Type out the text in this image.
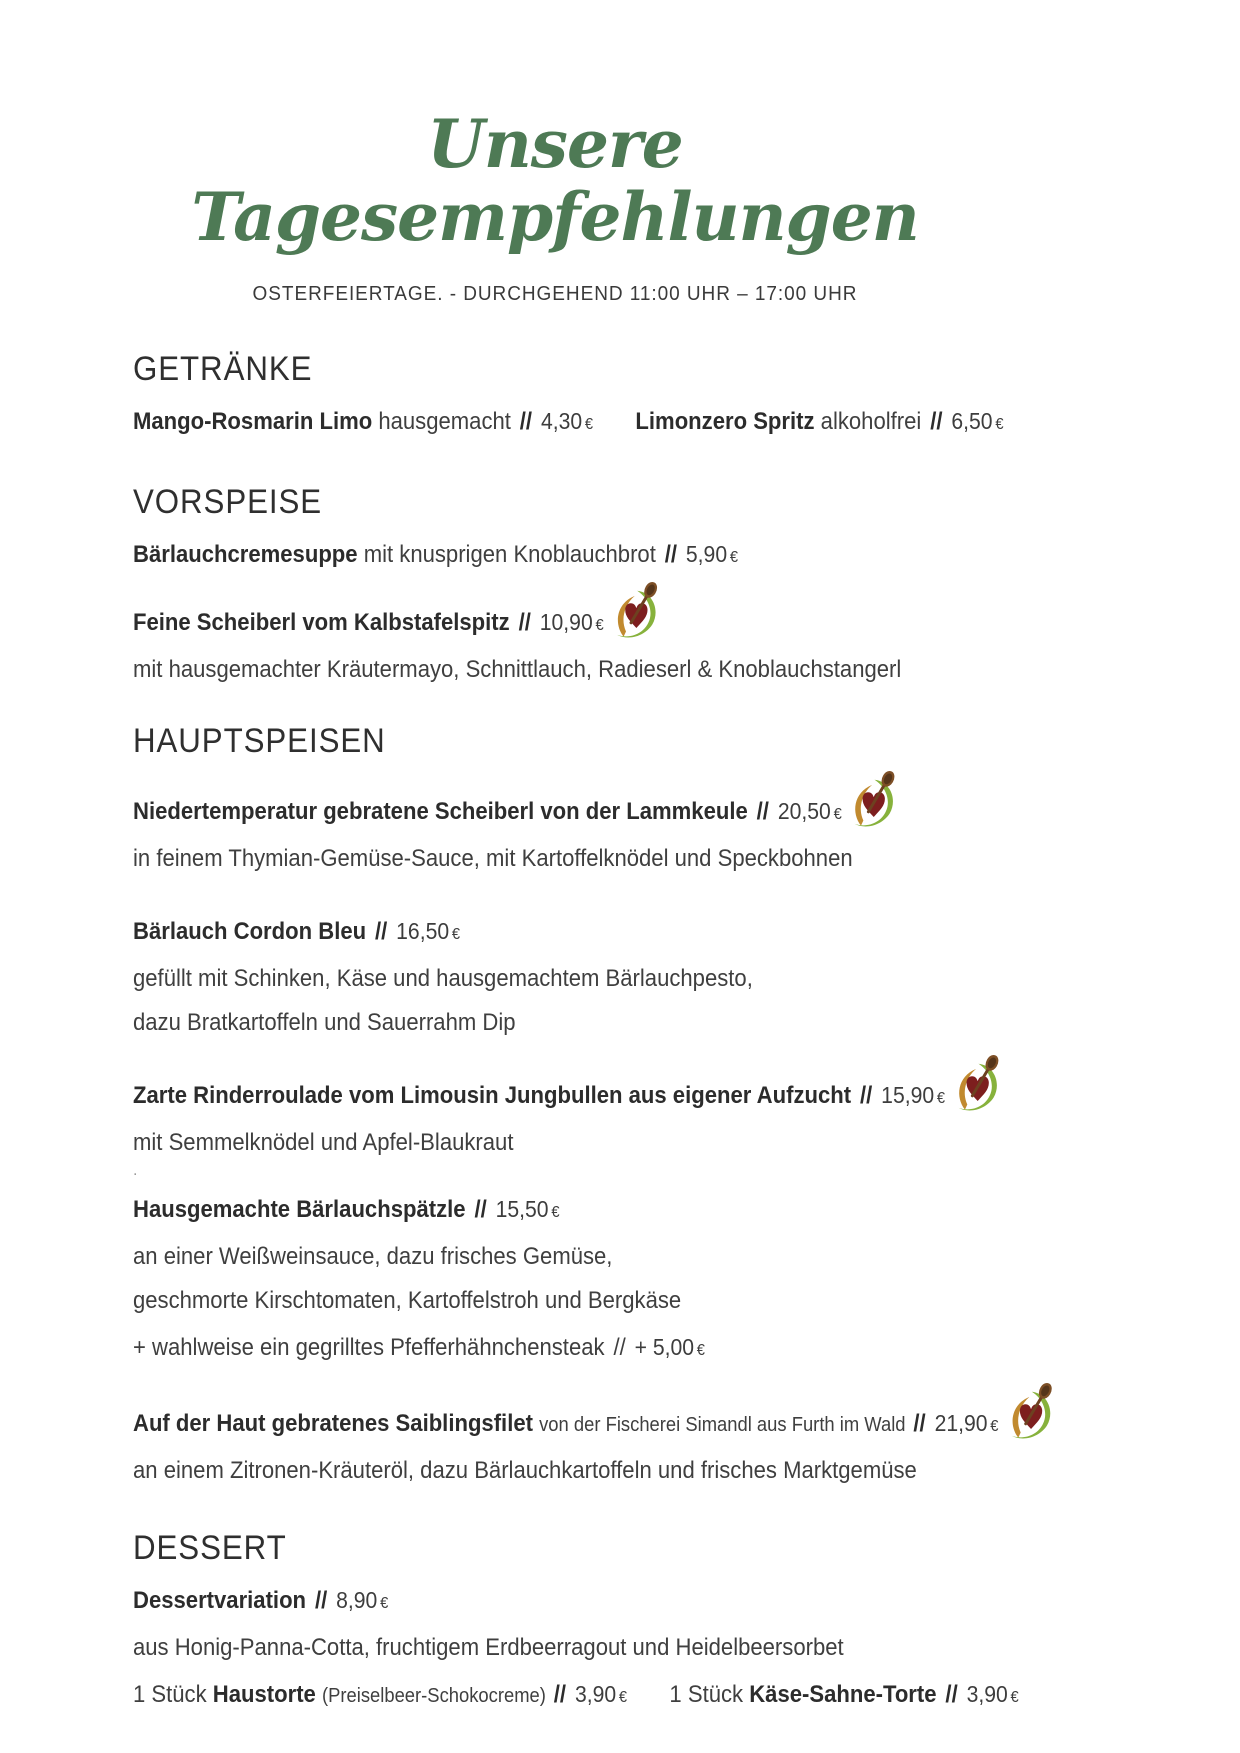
Unsere Tagesempfehlungen
OSTERFEIERTAGE. - DURCHGEHEND 11:00 UHR – 17:00 UHR
GETRÄNKE
Mango-Rosmarin Limo hausgemacht // 4,30 € Limonzero Spritz alkoholfrei // 6,50 €
VORSPEISE
Bärlauchcremesuppe mit knusprigen Knoblauchbrot // 5,90 €
Feine Scheiberl vom Kalbstafelspitz // 10,90 €
mit hausgemachter Kräutermayo, Schnittlauch, Radieserl & Knoblauchstangerl
HAUPTSPEISEN
Niedertemperatur gebratene Scheiberl von der Lammkeule // 20,50 €
in feinem Thymian-Gemüse-Sauce, mit Kartoffelknödel und Speckbohnen
Bärlauch Cordon Bleu // 16,50 €
gefüllt mit Schinken, Käse und hausgemachtem Bärlauchpesto,
dazu Bratkartoffeln und Sauerrahm Dip
Zarte Rinderroulade vom Limousin Jungbullen aus eigener Aufzucht // 15,90 €
mit Semmelknödel und Apfel-Blaukraut
.
Hausgemachte Bärlauchspätzle // 15,50 €
an einer Weißweinsauce, dazu frisches Gemüse,
geschmorte Kirschtomaten, Kartoffelstroh und Bergkäse
+ wahlweise ein gegrilltes Pfefferhähnchensteak // + 5,00 €
Auf der Haut gebratenes Saiblingsfilet von der Fischerei Simandl aus Furth im Wald // 21,90 €
an einem Zitronen-Kräuteröl, dazu Bärlauchkartoffeln und frisches Marktgemüse
DESSERT
Dessertvariation // 8,90 €
aus Honig-Panna-Cotta, fruchtigem Erdbeerragout und Heidelbeersorbet
1 Stück Haustorte (Preiselbeer-Schokocreme) // 3,90 € 1 Stück Käse-Sahne-Torte // 3,90 €
